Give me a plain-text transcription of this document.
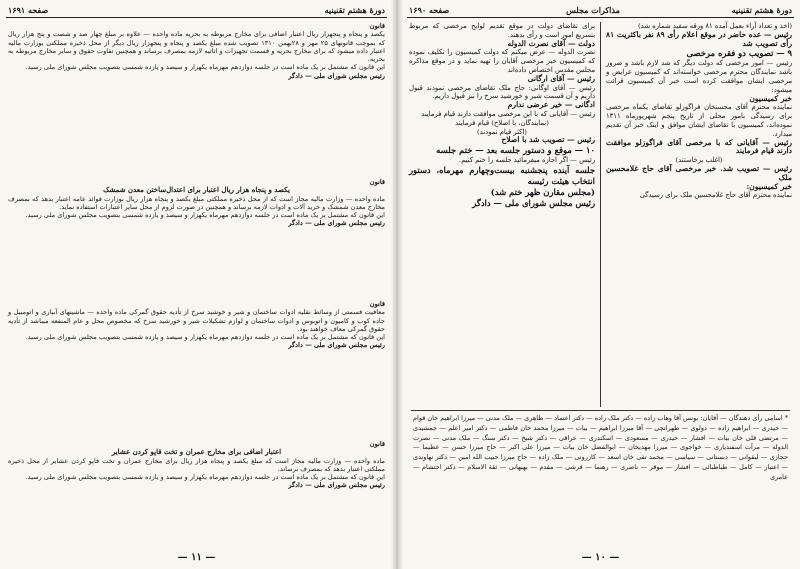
دورهٔ هشتم تقنینیه
صفحه ۱۶۹۱

قانون

یکصد و پنجاه و پنجهزار ریال اعتبار اضافی برای مخارج مربوطه به بحریه ماده واحده — علاوه بر مبلغ چهار صد و شصت و پنج هزار ریال که بموجب قانونهای ۲۵ مهر و ۲۸بهمن ۱۳۱۰ تصویب شده مبلغ یکصد و پنجاه و پنجهزار ریال دیگر از محل ذخیره مملکتی بوزارت مالیه اعتبار داده میشود که برای مخارج بحریه و قسمت تجهیزات و اثاثیه لازمه بمصرف برساند و همچنین تفاوت حقوق و سایر مخارج مربوطه به بحریه.

این قانون که مشتمل بر یک ماده است در جلسه دوازدهم مهرماه یکهزار و سیصد و یازده شمسی بتصویب مجلس شورای ملی رسید.

رئیس مجلس شورای ملی — دادگر

قانون

یکصد و پنجاه هزار ریال اعتبار برای اعتدال‌ساختن معدن شمشک

ماده واحده — وزارت مالیه مجاز است که از محل ذخیره مملکتی مبلغ یکصد و پنجاه هزار ریال بوزارت فوائد عامه اعتبار بدهد که بمصرف مخارج معدن شمشک و خرید آلات و ادوات لازمه برساند و همچنین در صورت لزوم از محل سایر اعتبارات استفاده نماید.

این قانون که مشتمل بر یک ماده است در جلسه دوازدهم مهرماه یکهزار و سیصد و یازده شمسی بتصویب مجلس شورای ملی رسید.

رئیس مجلس شورای ملی — دادگر

قانون

معافیت قسمتی از وسائط نقلیه ادوات ساختمان و شیر و خوشید سرخ از تأدیه حقوق گمرکی ماده واحده — ماشینهای آبیاری و اتومبیل و جاده کوب و کامیون و اتوبوس و ادوات ساختمان و لوازم تشکیلات شیر و خورشید سرخ که مخصوص محل و عام المنفعه میباشد از تأدیه حقوق گمرکی معاف خواهند بود.

این قانون که مشتمل بر یک ماده است در جلسه دوازدهم مهرماه یکهزار و سیصد و یازده شمسی بتصویب مجلس شورای ملی رسید.

رئیس مجلس شورای ملی — دادگر

قانون

اعتبار اضافی برای مخارج عمران و تخت قاپو کردن عشایر

ماده واحده — وزارت مالیه مجاز است که مبلغ یکصد و پنجاه هزار ریال برای مخارج عمران و تخت قاپو کردن عشایر از محل ذخیره مملکتی اعتبار بدهد که بمصرف برساند.

این قانون که مشتمل بر یک ماده است در جلسه دوازدهم مهرماه یکهزار و سیصد و یازده شمسی بتصویب مجلس شورای ملی رسید.

رئیس مجلس شورای ملی — دادگر

— ۱۱ —
دورهٔ هشتم تقنینیه
مذاکرات مجلس
صفحه ۱۶۹۰

(اخذ و تعداد آراء بعمل آمده ۸۱ ورقه سفید شماره شد)

رئیس — عده حاضر در موقع اعلام رأی ۸۹ نفر باکثریت ۸۱ رأی تصویب شد

۹ — تصویب دو فقره مرخصی

رئیس — امور مرخصی که دولت دیگر که شد لازم باشد و ضرور باشد نمایندگان محترم مرخصی خواسته‌اند که کمیسیون عرایض و مرخصی ایشان موافقت کرده است خبر آن کمیسیون قرائت میشود:

خبر کمیسیون

نماینده محترم آقای محسنخان فراگوزلو تقاضای یکماه مرخصی برای رسیدگی بامور محلی از تاریخ پنجم شهریورماه ۱۳۱۱ نموده‌اند، کمیسیون با تقاضای ایشان موافق و اینک خبر آن تقدیم میدارد.

رئیس — آقایانی که با مرخصی آقای فراگوزلو موافقت دارند قیام فرمایند

(اغلب برخاستند)

رئیس — تصویب شد. خبر مرخصی آقای حاج غلامحسین ملک

خبر کمیسیون:

نماینده محترم آقای حاج غلامحسین ملک برای رسیدگی

برای تقاضای دولت در موقع تقدیم لوایح مرخصی که مربوط بتسریع امور است و رأی بدهند.

دولت — آقای نصرت الدوله

نصرت الدوله — عرض میکنم که دولت کمیسیون را تکلیف نموده که کمیسیون خبر مرخصی آقایان را تهیه نماید و در موقع مذاکره مجلس مقدس اختصاص داده‌اند

رئیس — آقای ارگانی

رئیس — آقای اوگانی: حاج ملک تقاضای مرخصی نمودند قبول داریم و آن قسمت شیر و خورشید سرخ را نیز قبول داریم.

ادگانی — خیر عرضی ندارم

رئیس — آقایانی که با این مرخصی موافقت دارند قیام فرمایند

(نمایندگان، با اصلاح) قیام فرمایند

(اکثر قیام نمودند)

رئیس — تصویب شد با اصلاح

۱۰ — موقع و دستور جلسه بعد — ختم جلسه

رئیس — اگر اجازه میفرمائید جلسه را ختم کنیم.

جلسه آینده پنجشنبه بیست‌وچهارم مهرماه، دستور انتخاب هیئت رئیسه

(مجلس مقارن ظهر ختم شد)

رئیس مجلس شورای ملی — دادگر

* اسامی رأی دهندگان — آقایان: یونس آقا وهاب زاده — دکتر ملک زاده — دکتر اعتماد — طاهری — ملک مدنی — میرزا ابراهیم خان قوام — حیدری — ابراهیم زاده — دولوی — طهرانچی — آقا میرزا ابراهیم — بیات — میرزا محمد خان فاطمی — دکتر امیر اعلم — جمشیدی — مرتضی قلی خان بیات — افشار — حیدری — مسعودی — اسکندری — عراقی — دکتر شیخ — دکتر سنگ — ملک مدنی — نصرت الدوله — مرآت اسفندیاری — خواجوی — میرزا مهدیخان — ابوالفضل خان بیات — میرزا علی اکبر — حاج میرزا حسن — عظیما — حجازی — لیقوانی — دبستانی — سیاسی — محمد تقی خان اسعد — کازرونی — ملک زاده — حاج میرزا حبیب الله امین — دکتر نهاوندی — اعتبار — کامل — طباطبائی — افشار — موقر — ناصری — رهنما — فرشی — مقدم — بهبهانی — ثقة الاسلام — دکتر احتشام — عامری
— ۱۰ —
